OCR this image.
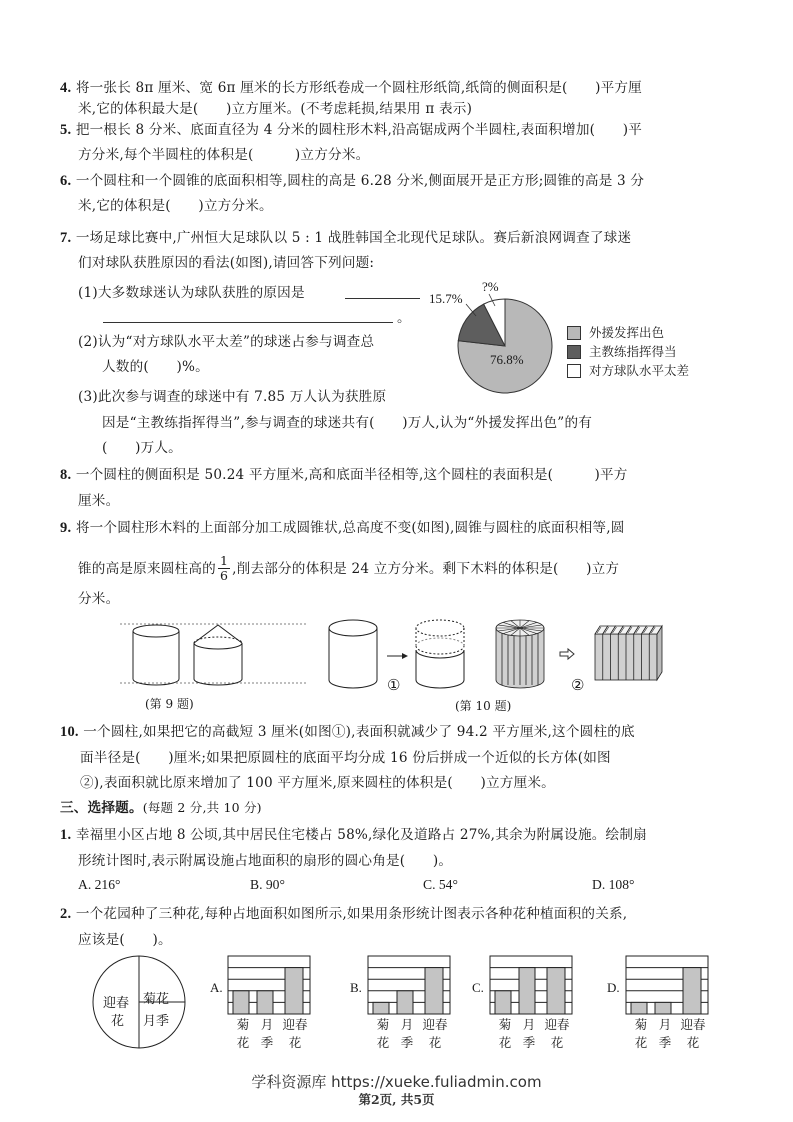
4. 将一张长 8π 厘米、宽 6π 厘米的长方形纸卷成一个圆柱形纸筒,纸筒的侧面积是(　　)平方厘
米,它的体积最大是(　　)立方厘米。(不考虑耗损,结果用 π 表示)
5. 把一根长 8 分米、底面直径为 4 分米的圆柱形木料,沿高锯成两个半圆柱,表面积增加(　　)平
方分米,每个半圆柱的体积是(　　　)立方分米。
6. 一个圆柱和一个圆锥的底面积相等,圆柱的高是 6.28 分米,侧面展开是正方形;圆锥的高是 3 分
米,它的体积是(　　)立方分米。
7. 一场足球比赛中,广州恒大足球队以 5 : 1 战胜韩国全北现代足球队。赛后新浪网调查了球迷
们对球队获胜原因的看法(如图),请回答下列问题:
(1)大多数球迷认为球队获胜的原因是
。
(2)认为“对方球队水平太差”的球迷占参与调查总
人数的(　　)%。
(3)此次参与调查的球迷中有 7.85 万人认为获胜原
因是“主教练指挥得当”,参与调查的球迷共有(　　)万人,认为“外援发挥出色”的有
(　　)万人。
15.7%
?%
76.8%
外援发挥出色
主教练指挥得当
对方球队水平太差
8. 一个圆柱的侧面积是 50.24 平方厘米,高和底面半径相等,这个圆柱的表面积是(　　　)平方
厘米。
9. 将一个圆柱形木料的上面部分加工成圆锥状,总高度不变(如图),圆锥与圆柱的底面积相等,圆
锥的高是原来圆柱高的 $\frac{1}{6}$ ,削去部分的体积是 24 立方分米。剩下木料的体积是(　　)立方
分米。
(第 9 题)
①	②
(第 10 题)
10. 一个圆柱,如果把它的高截短 3 厘米(如图①),表面积就减少了 94.2 平方厘米,这个圆柱的底
面半径是(　　)厘米;如果把原圆柱的底面平均分成 16 份后拼成一个近似的长方体(如图
②),表面积就比原来增加了 100 平方厘米,原来圆柱的体积是(　　)立方厘米。
三、选择题。(每题 2 分,共 10 分)
1. 幸福里小区占地 8 公顷,其中居民住宅楼占 58%,绿化及道路占 27%,其余为附属设施。绘制扇
形统计图时,表示附属设施占地面积的扇形的圆心角是(　　)。
A. 216°	B. 90°	C. 54°	D. 108°
2. 一个花园种了三种花,每种占地面积如图所示,如果用条形统计图表示各种花种植面积的关系,
应该是(　　)。
菊花
月季
迎春
花
A.
菊
花
月
季
迎春
花
B.
菊
花
月
季
迎春
花
C.
菊
花
月
季
迎春
花
D.
菊
花
月
季
迎春
花
学科资源库 https://xueke.fuliadmin.com
第2页, 共5页
